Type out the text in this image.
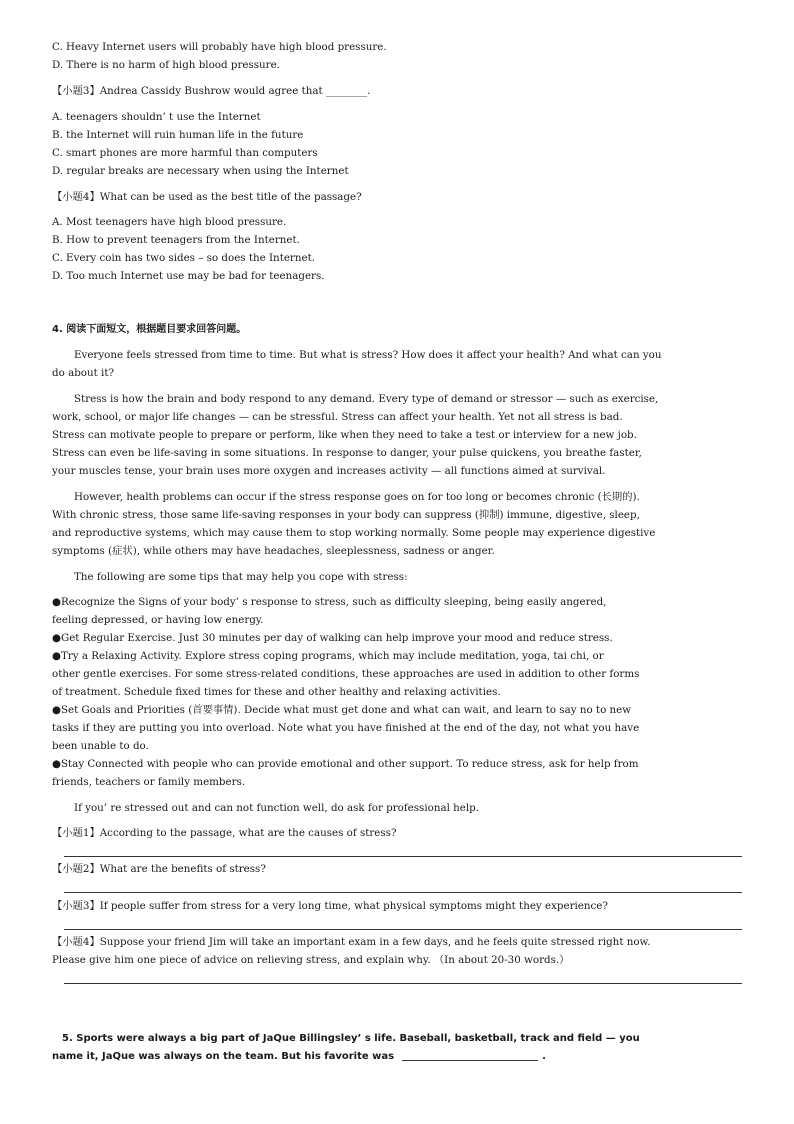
C. Heavy Internet users will probably have high blood pressure.
D. There is no harm of high blood pressure.
【小题3】Andrea Cassidy Bushrow would agree that ________.
A. teenagers shouldn’ t use the Internet
B. the Internet will ruin human life in the future
C. smart phones are more harmful than computers
D. regular breaks are necessary when using the Internet
【小题4】What can be used as the best title of the passage?
A. Most teenagers have high blood pressure.
B. How to prevent teenagers from the Internet.
C. Every coin has two sides – so does the Internet.
D. Too much Internet use may be bad for teenagers.
4. 阅读下面短文，根据题目要求回答问题。
Everyone feels stressed from time to time. But what is stress? How does it affect your health? And what can you
do about it?
Stress is how the brain and body respond to any demand. Every type of demand or stressor — such as exercise,
work, school, or major life changes — can be stressful. Stress can affect your health. Yet not all stress is bad.
Stress can motivate people to prepare or perform, like when they need to take a test or interview for a new job.
Stress can even be life-saving in some situations. In response to danger, your pulse quickens, you breathe faster,
your muscles tense, your brain uses more oxygen and increases activity — all functions aimed at survival.
However, health problems can occur if the stress response goes on for too long or becomes chronic (长期的).
With chronic stress, those same life-saving responses in your body can suppress (抑制) immune, digestive, sleep,
and reproductive systems, which may cause them to stop working normally. Some people may experience digestive
symptoms (症状), while others may have headaches, sleeplessness, sadness or anger.
The following are some tips that may help you cope with stress:
●Recognize the Signs of your body’ s response to stress, such as difficulty sleeping, being easily angered,
feeling depressed, or having low energy.
●Get Regular Exercise. Just 30 minutes per day of walking can help improve your mood and reduce stress.
●Try a Relaxing Activity. Explore stress coping programs, which may include meditation, yoga, tai chi, or
other gentle exercises. For some stress-related conditions, these approaches are used in addition to other forms
of treatment. Schedule fixed times for these and other healthy and relaxing activities.
●Set Goals and Priorities (首要事情). Decide what must get done and what can wait, and learn to say no to new
tasks if they are putting you into overload. Note what you have finished at the end of the day, not what you have
been unable to do.
●Stay Connected with people who can provide emotional and other support. To reduce stress, ask for help from
friends, teachers or family members.
If you’ re stressed out and can not function well, do ask for professional help.
【小题1】According to the passage, what are the causes of stress?
【小题2】What are the benefits of stress?
【小题3】If people suffer from stress for a very long time, what physical symptoms might they experience?
【小题4】Suppose your friend Jim will take an important exam in a few days, and he feels quite stressed right now.
Please give him one piece of advice on relieving stress, and explain why. （In about 20-30 words.）
5. Sports were always a big part of JaQue Billingsley’ s life. Baseball, basketball, track and field — you
name it, JaQue was always on the team. But his favorite was	.
